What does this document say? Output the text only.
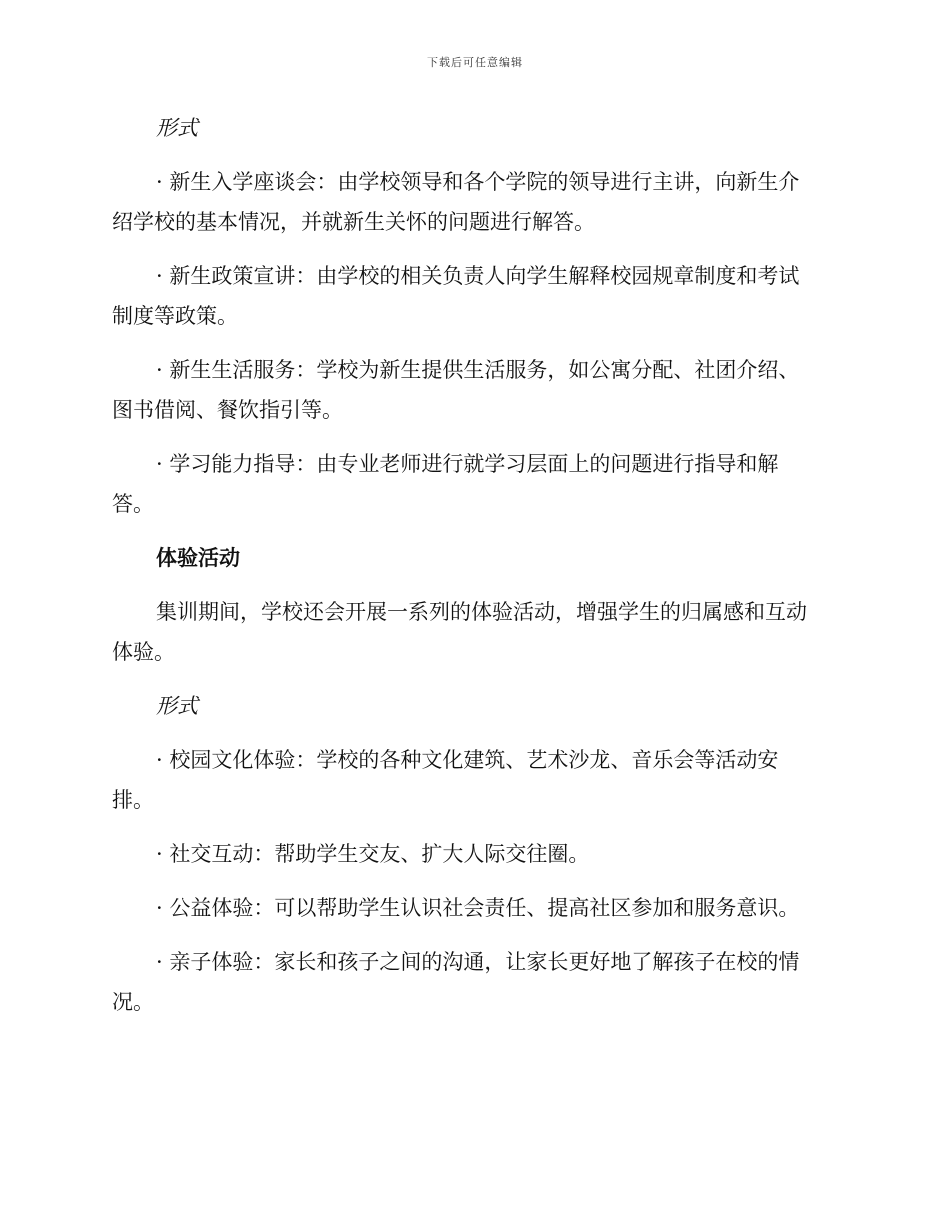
下载后可任意编辑
形式
· 新生入学座谈会：由学校领导和各个学院的领导进行主讲，向新生介
绍学校的基本情况，并就新生关怀的问题进行解答。
· 新生政策宣讲：由学校的相关负责人向学生解释校园规章制度和考试
制度等政策。
· 新生生活服务：学校为新生提供生活服务，如公寓分配、社团介绍、
图书借阅、餐饮指引等。
· 学习能力指导：由专业老师进行就学习层面上的问题进行指导和解
答。
体验活动
集训期间，学校还会开展一系列的体验活动，增强学生的归属感和互动
体验。
形式
· 校园文化体验：学校的各种文化建筑、艺术沙龙、音乐会等活动安
排。
· 社交互动：帮助学生交友、扩大人际交往圈。
· 公益体验：可以帮助学生认识社会责任、提高社区参加和服务意识。
· 亲子体验：家长和孩子之间的沟通，让家长更好地了解孩子在校的情
况。
